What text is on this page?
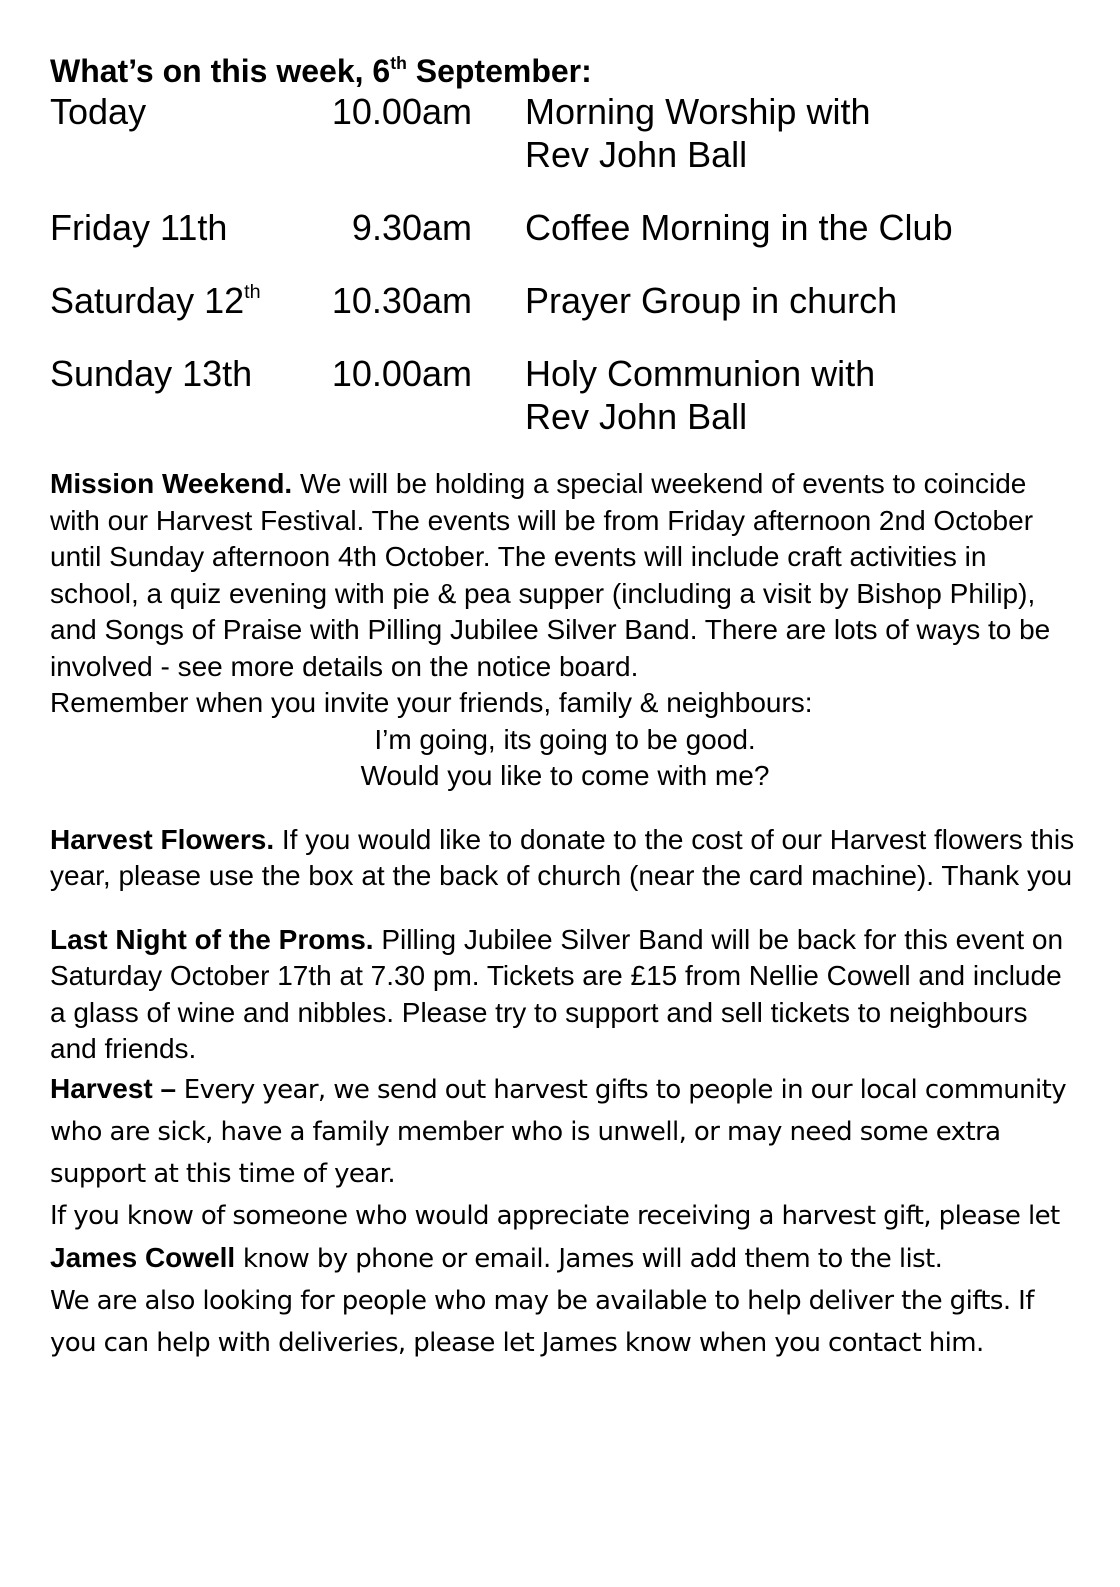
What’s on this week, 6th September:
Today	10.00am Morning Worship with
Rev John Ball
Friday 11th	9.30am Coffee Morning in the Club
Saturday 12th	10.30am Prayer Group in church
Sunday 13th	10.00am Holy Communion with
Rev John Ball

Mission Weekend. We will be holding a special weekend of events to coincide with our Harvest Festival. The events will be from Friday afternoon 2nd October until Sunday afternoon 4th October. The events will include craft activities in school, a quiz evening with pie & pea supper (including a visit by Bishop Philip), and Songs of Praise with Pilling Jubilee Silver Band. There are lots of ways to be involved - see more details on the notice board.

Remember when you invite your friends, family & neighbours:

I’m going, its going to be good.

Would you like to come with me?

Harvest Flowers. If you would like to donate to the cost of our Harvest flowers this year, please use the box at the back of church (near the card machine). Thank you

Last Night of the Proms. Pilling Jubilee Silver Band will be back for this event on Saturday October 17th at 7.30 pm. Tickets are £15 from Nellie Cowell and include a glass of wine and nibbles. Please try to support and sell tickets to neighbours and friends.

Harvest – Every year, we send out harvest gifts to people in our local community who are sick, have a family member who is unwell, or may need some extra support at this time of year.

If you know of someone who would appreciate receiving a harvest gift, please let James Cowell know by phone or email. James will add them to the list.

We are also looking for people who may be available to help deliver the gifts. If you can help with deliveries, please let James know when you contact him.
